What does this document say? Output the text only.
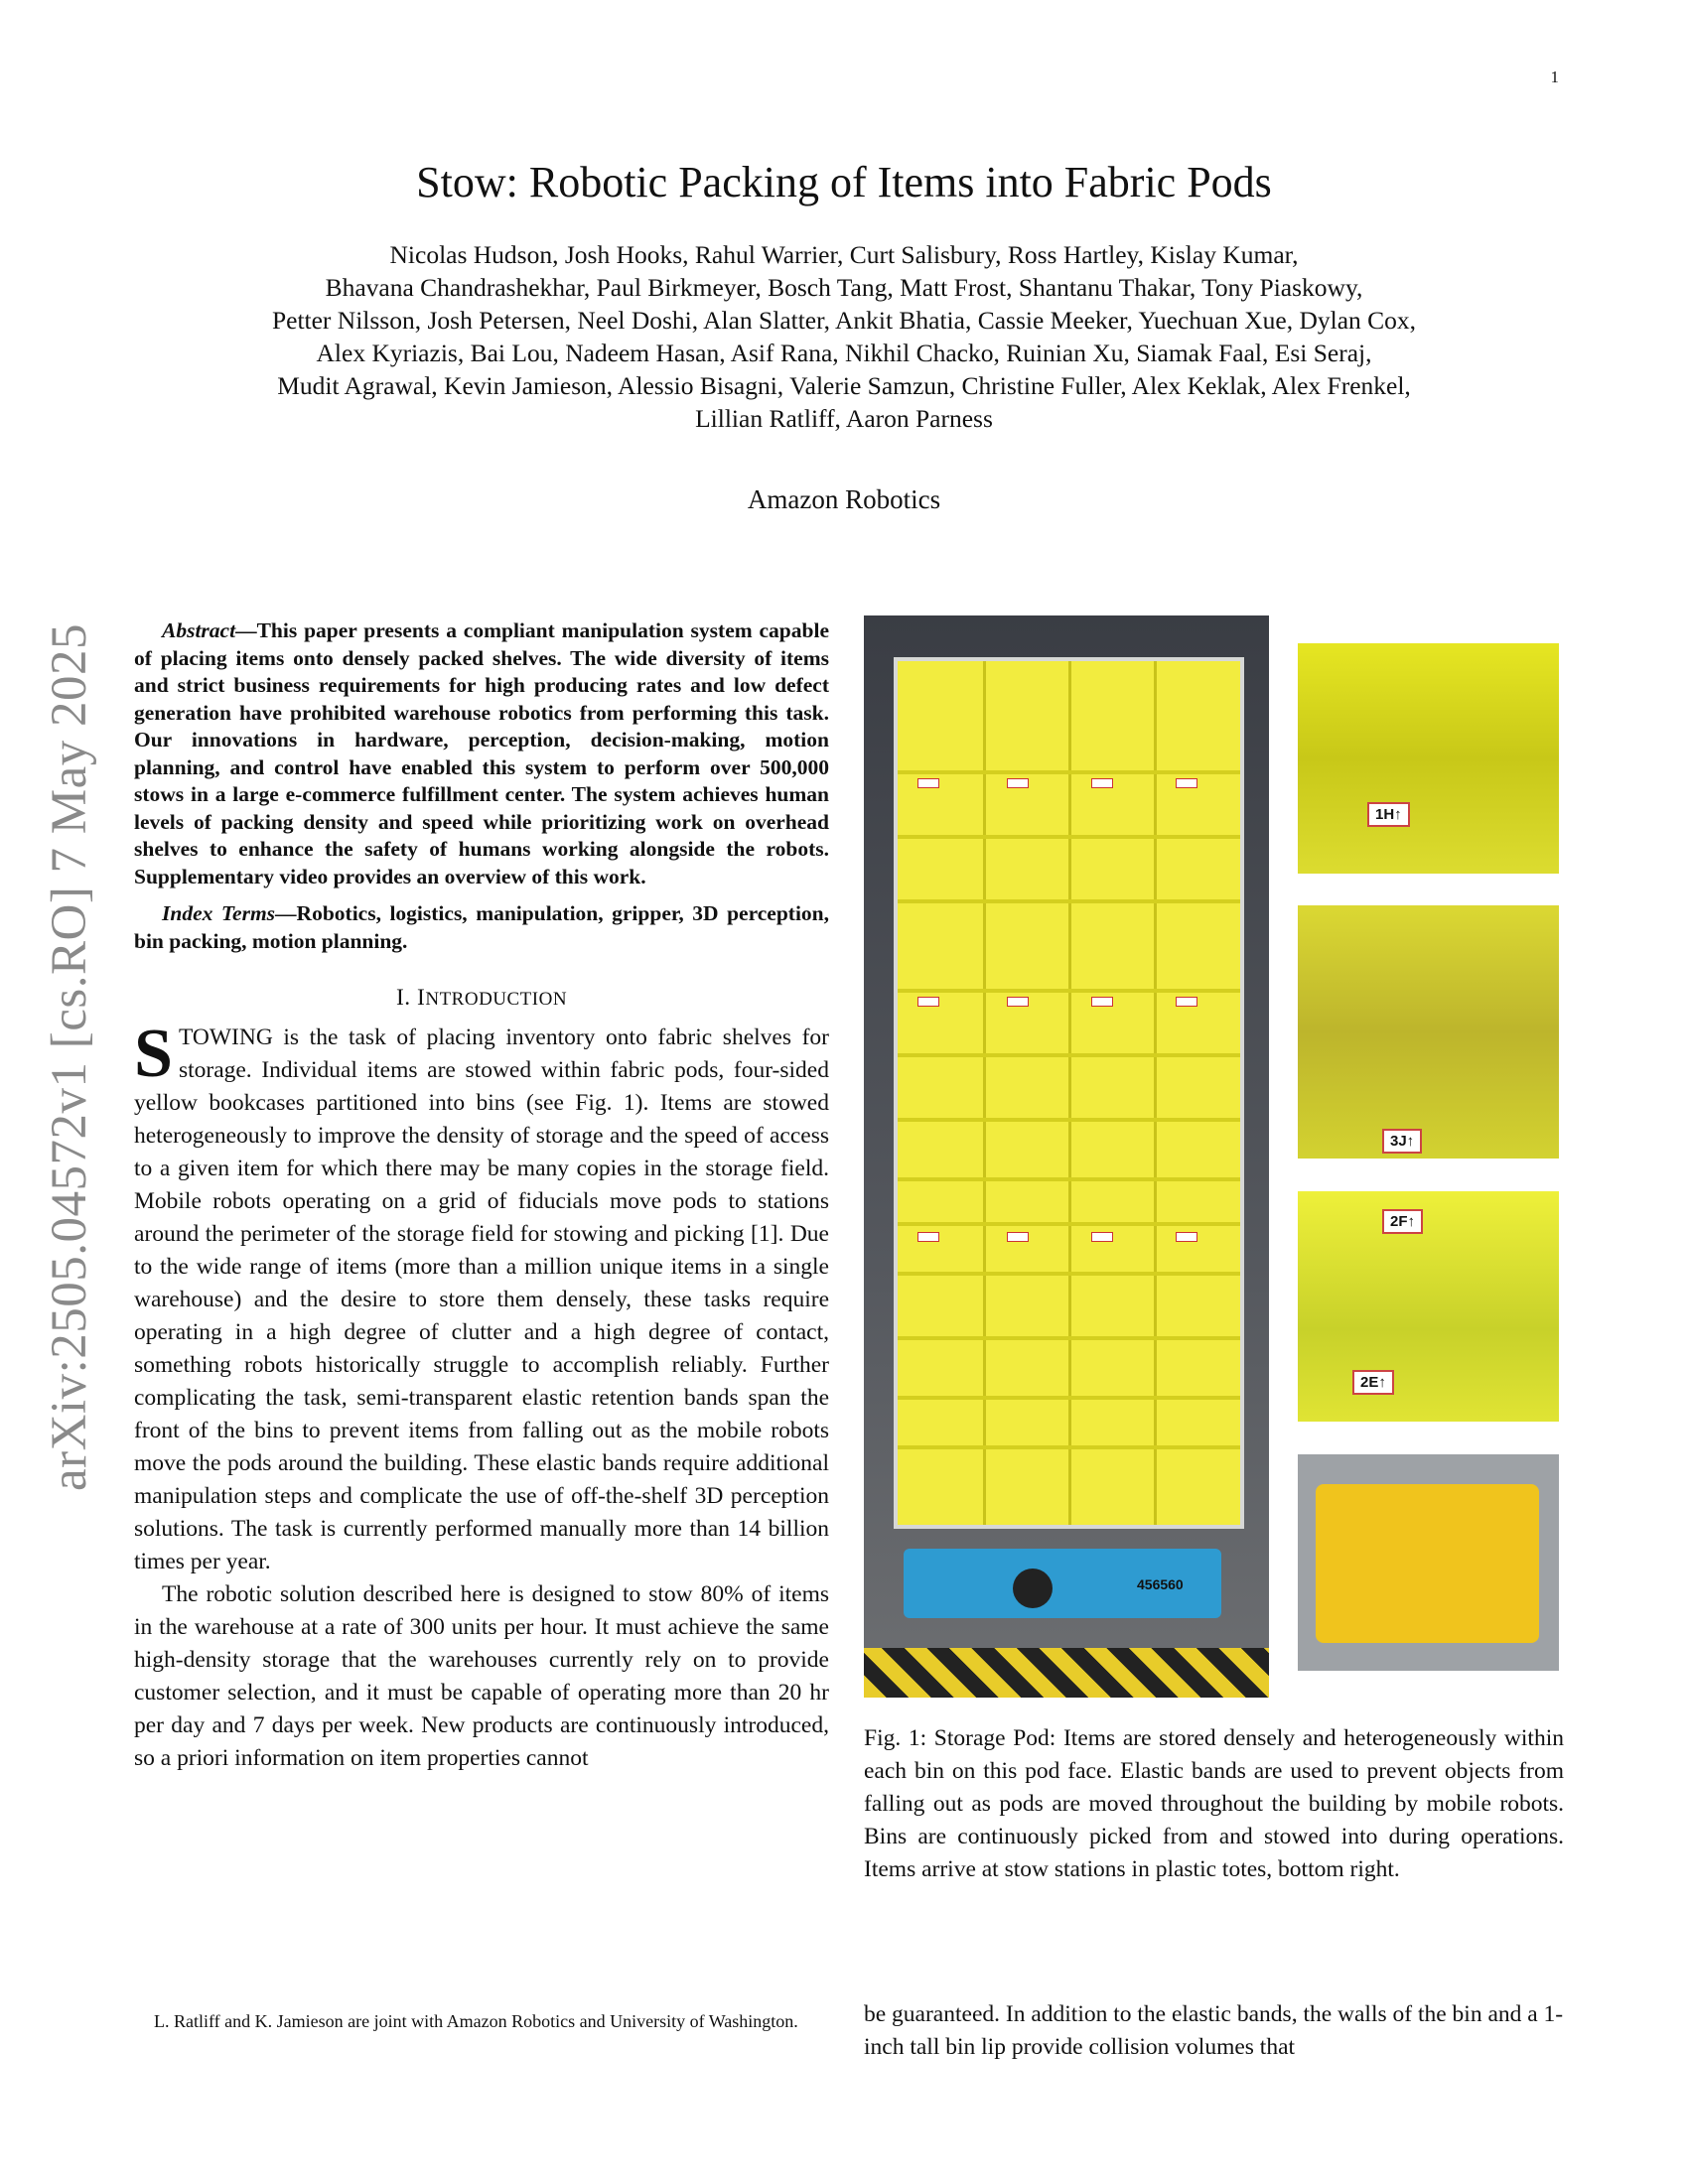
1
arXiv:2505.04572v1 [cs.RO] 7 May 2025
Stow: Robotic Packing of Items into Fabric Pods
Nicolas Hudson, Josh Hooks, Rahul Warrier, Curt Salisbury, Ross Hartley, Kislay Kumar,
Bhavana Chandrashekhar, Paul Birkmeyer, Bosch Tang, Matt Frost, Shantanu Thakar, Tony Piaskowy,
Petter Nilsson, Josh Petersen, Neel Doshi, Alan Slatter, Ankit Bhatia, Cassie Meeker, Yuechuan Xue, Dylan Cox,
Alex Kyriazis, Bai Lou, Nadeem Hasan, Asif Rana, Nikhil Chacko, Ruinian Xu, Siamak Faal, Esi Seraj,
Mudit Agrawal, Kevin Jamieson, Alessio Bisagni, Valerie Samzun, Christine Fuller, Alex Keklak, Alex Frenkel,
Lillian Ratliff, Aaron Parness
Amazon Robotics

Abstract—This paper presents a compliant manipulation system capable of placing items onto densely packed shelves. The wide diversity of items and strict business requirements for high producing rates and low defect generation have prohibited warehouse robotics from performing this task. Our innovations in hardware, perception, decision-making, motion planning, and control have enabled this system to perform over 500,000 stows in a large e-commerce fulfillment center. The system achieves human levels of packing density and speed while prioritizing work on overhead shelves to enhance the safety of humans working alongside the robots. Supplementary video provides an overview of this work.

Index Terms—Robotics, logistics, manipulation, gripper, 3D perception, bin packing, motion planning.

I. INTRODUCTION

STOWING is the task of placing inventory onto fabric shelves for storage. Individual items are stowed within fabric pods, four-sided yellow bookcases partitioned into bins (see Fig. 1). Items are stowed heterogeneously to improve the density of storage and the speed of access to a given item for which there may be many copies in the storage field. Mobile robots operating on a grid of fiducials move pods to stations around the perimeter of the storage field for stowing and picking [1]. Due to the wide range of items (more than a million unique items in a single warehouse) and the desire to store them densely, these tasks require operating in a high degree of clutter and a high degree of contact, something robots historically struggle to accomplish reliably. Further complicating the task, semi-transparent elastic retention bands span the front of the bins to prevent items from falling out as the mobile robots move the pods around the building. These elastic bands require additional manipulation steps and complicate the use of off-the-shelf 3D perception solutions. The task is currently performed manually more than 14 billion times per year.

The robotic solution described here is designed to stow 80% of items in the warehouse at a rate of 300 units per hour. It must achieve the same high-density storage that the warehouses currently rely on to provide customer selection, and it must be capable of operating more than 20 hr per day and 7 days per week. New products are continuously introduced, so a priori information on item properties cannot

L. Ratliff and K. Jamieson are joint with Amazon Robotics and University of Washington.
456560
1H↑
3J↑
2F↑
2E↑
Fig. 1: Storage Pod: Items are stored densely and heterogeneously within each bin on this pod face. Elastic bands are used to prevent objects from falling out as pods are moved throughout the building by mobile robots. Bins are continuously picked from and stowed into during operations. Items arrive at stow stations in plastic totes, bottom right.

be guaranteed. In addition to the elastic bands, the walls of the bin and a 1-inch tall bin lip provide collision volumes that
